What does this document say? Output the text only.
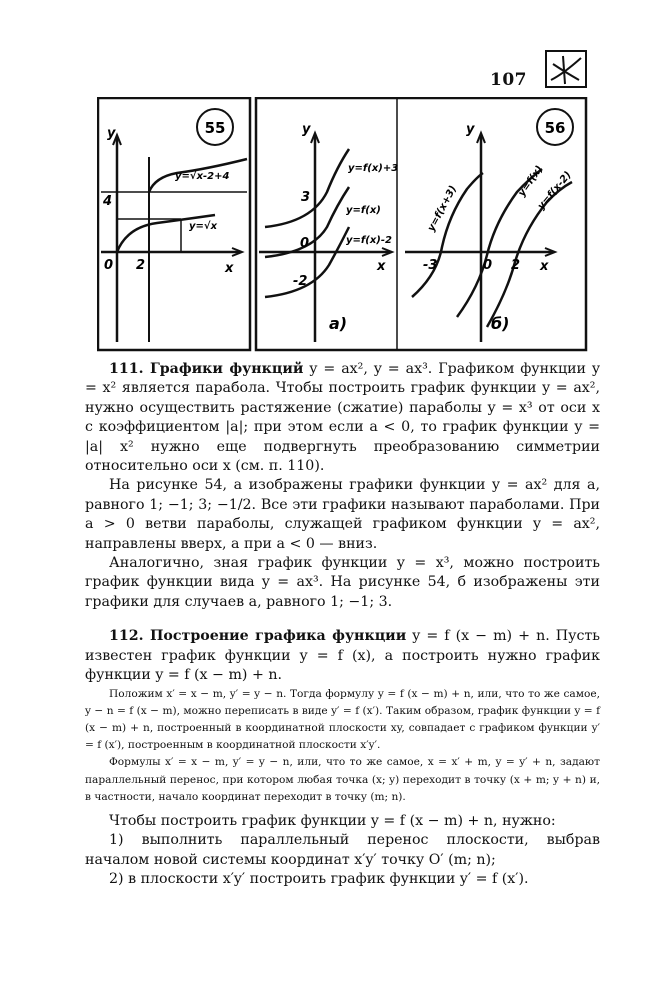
107
55
y
x
y=√x-2+4
y=√x
4
2
0
56
y
x
0
3
-2
y=f(x)+3
y=f(x)
y=f(x)-2
а)
y
x
0
-3	2
y=f(x+3)
y=f(x)
y=f(x-2)
б)

111. Графики функций y = ax², y = ax³. Графиком функции y = x² является парабола. Чтобы построить график функции y = ax², нужно осуществить растяжение (сжатие) параболы y = x³ от оси x с коэффициентом |a|; при этом если a < 0, то график функции y = |a| x² нужно еще подвергнуть преобразованию симметрии относительно оси x (см. п. 110).

На рисунке 54, а изображены графики функции y = ax² для a, равного 1; −1; 3; −1/2. Все эти графики называют параболами. При a > 0 ветви параболы, служащей графиком функции y = ax², направлены вверх, а при a < 0 — вниз.

Аналогично, зная график функции y = x³, можно построить график функции вида y = ax³. На рисунке 54, б изображены эти графики для случаев a, равного 1; −1; 3.

112. Построение графика функции y = f (x − m) + n. Пусть известен график функции y = f (x), а построить нужно график функции y = f (x − m) + n.

Положим x′ = x − m, y′ = y − n. Тогда формулу y = f (x − m) + n, или, что то же самое, y − n = f (x − m), можно переписать в виде y′ = f (x′). Таким образом, график функции y = f (x − m) + n, построенный в координатной плоскости xy, совпадает с графиком функции y′ = f (x′), построенным в координатной плоскости x′y′.

Формулы x′ = x − m, y′ = y − n, или, что то же самое, x = x′ + m, y = y′ + n, задают параллельный перенос, при котором любая точка (x; y) переходит в точку (x + m; y + n) и, в частности, начало координат переходит в точку (m; n).

Чтобы построить график функции y = f (x − m) + n, нужно:

1) выполнить параллельный перенос плоскости, выбрав началом новой системы координат x′y′ точку O′ (m; n);

2) в плоскости x′y′ построить график функции y′ = f (x′).
